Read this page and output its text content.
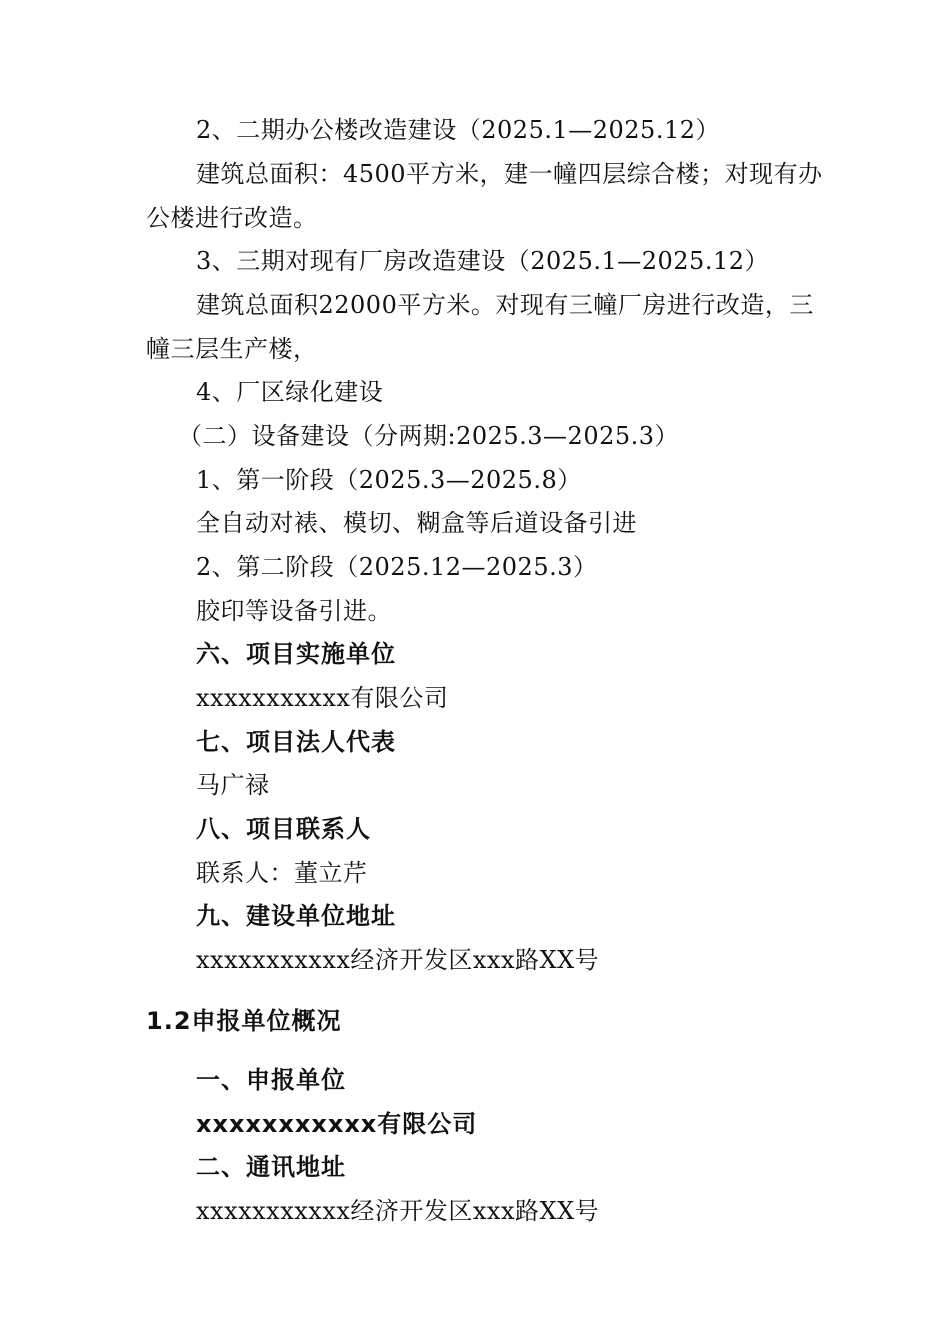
2、二期办公楼改造建设（2025.1—2025.12）
建筑总面积：4500平方米，建一幢四层综合楼；对现有办
公楼进行改造。
3、三期对现有厂房改造建设（2025.1—2025.12）
建筑总面积22000平方米。对现有三幢厂房进行改造，三
幢三层生产楼，
4、厂区绿化建设
（二）设备建设（分两期:2025.3—2025.3）
1、第一阶段（2025.3—2025.8）
全自动对裱、模切、糊盒等后道设备引进
2、第二阶段（2025.12—2025.3）
胶印等设备引进。
六、项目实施单位
xxxxxxxxxxx有限公司
七、项目法人代表
马广禄
八、项目联系人
联系人：董立芹
九、建设单位地址
xxxxxxxxxxx经济开发区xxx路XX号
1.2申报单位概况
一、申报单位
xxxxxxxxxxx有限公司
二、通讯地址
xxxxxxxxxxx经济开发区xxx路XX号
